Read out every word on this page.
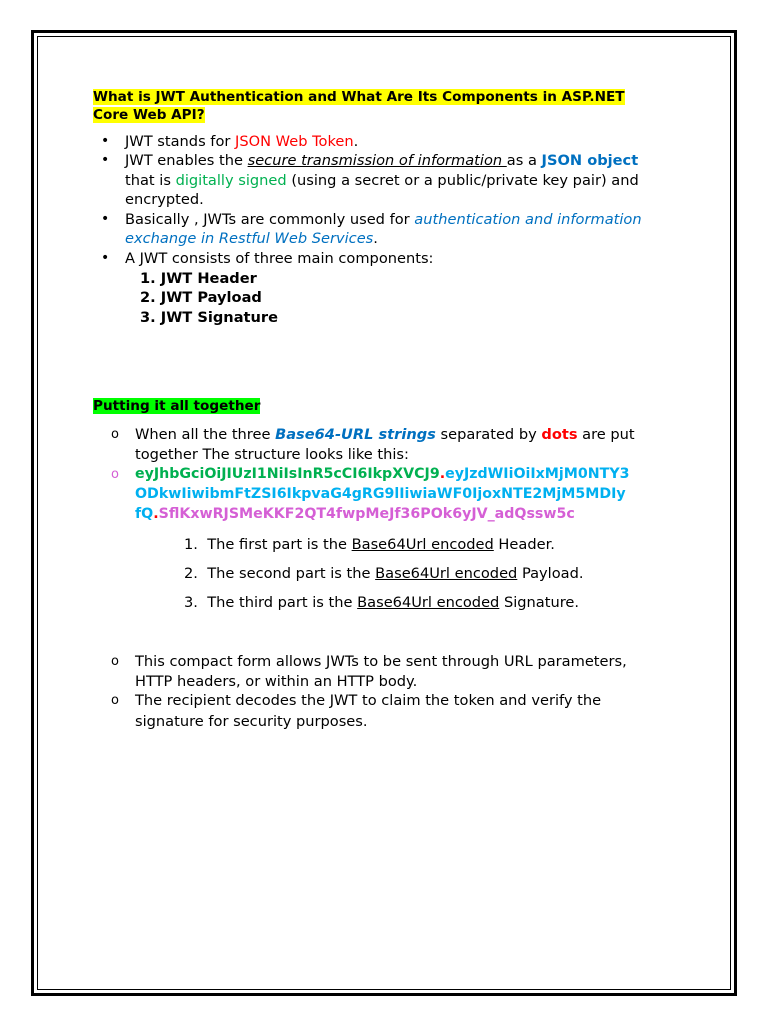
What is JWT Authentication and What Are Its Components in ASP.NET
Core Web API?
• JWT stands for JSON Web Token.
• JWT enables the secure transmission of information as a JSON object
that is digitally signed (using a secret or a public/private key pair) and
encrypted.
• Basically , JWTs are commonly used for authentication and information
exchange in Restful Web Services.
• A JWT consists of three main components:
1. JWT Header
2. JWT Payload
3. JWT Signature
Putting it all together
o When all the three Base64-URL strings separated by dots are put
together The structure looks like this:
o eyJhbGciOiJIUzI1NiIsInR5cCI6IkpXVCJ9.eyJzdWIiOiIxMjM0NTY3
ODkwIiwibmFtZSI6IkpvaG4gRG9lIiwiaWF0IjoxNTE2MjM5MDIy
fQ.SflKxwRJSMeKKF2QT4fwpMeJf36POk6yJV_adQssw5c
1. The first part is the Base64Url encoded Header.
2. The second part is the Base64Url encoded Payload.
3. The third part is the Base64Url encoded Signature.
o This compact form allows JWTs to be sent through URL parameters,
HTTP headers, or within an HTTP body.
o The recipient decodes the JWT to claim the token and verify the
signature for security purposes.
